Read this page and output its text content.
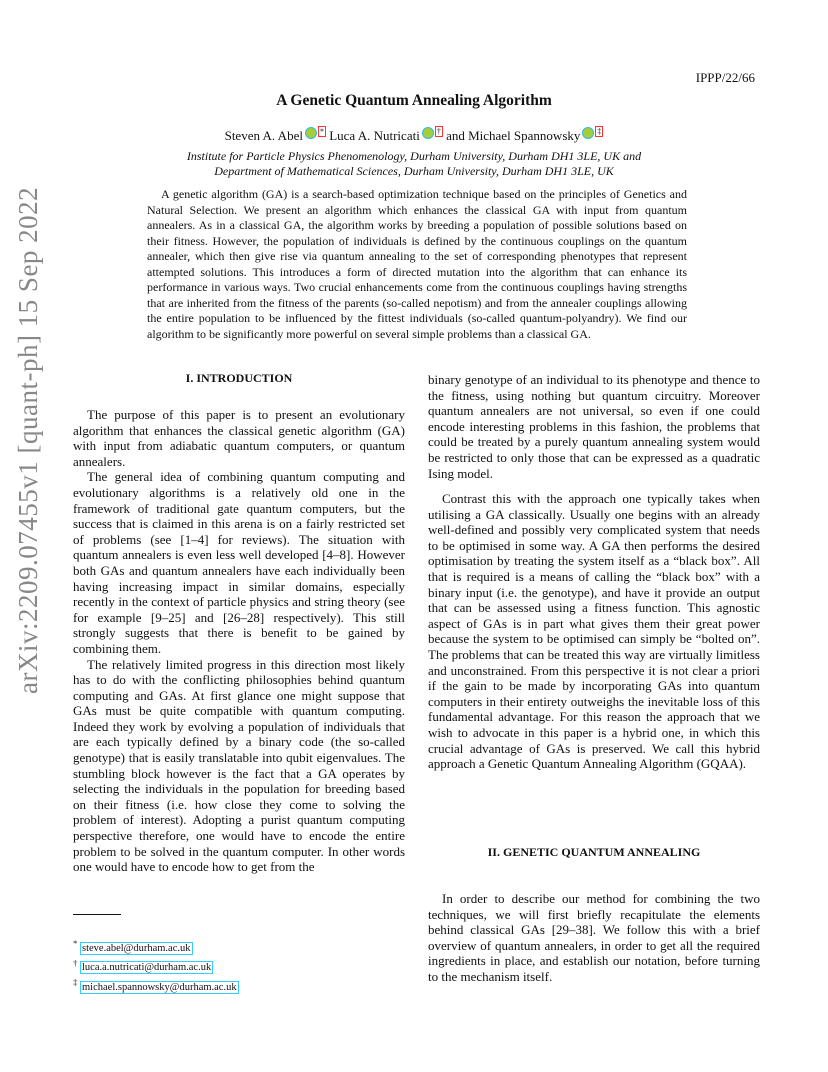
IPPP/22/66
A Genetic Quantum Annealing Algorithm
Steven A. Abel * Luca A. Nutricati † and Michael Spannowsky ‡
Institute for Particle Physics Phenomenology, Durham University, Durham DH1 3LE, UK and
Department of Mathematical Sciences, Durham University, Durham DH1 3LE, UK
A genetic algorithm (GA) is a search-based optimization technique based on the principles of Genetics and Natural Selection. We present an algorithm which enhances the classical GA with input from quantum annealers. As in a classical GA, the algorithm works by breeding a population of possible solutions based on their fitness. However, the population of individuals is defined by the continuous couplings on the quantum annealer, which then give rise via quantum annealing to the set of corresponding phenotypes that represent attempted solutions. This introduces a form of directed mutation into the algorithm that can enhance its performance in various ways. Two crucial enhancements come from the continuous couplings having strengths that are inherited from the fitness of the parents (so-called nepotism) and from the annealer couplings allowing the entire population to be influenced by the fittest individuals (so-called quantum-polyandry). We find our algorithm to be significantly more powerful on several simple problems than a classical GA.
I. INTRODUCTION

The purpose of this paper is to present an evolutionary algorithm that enhances the classical genetic algorithm (GA) with input from adiabatic quantum computers, or quantum annealers.

The general idea of combining quantum computing and evolutionary algorithms is a relatively old one in the framework of traditional gate quantum computers, but the success that is claimed in this arena is on a fairly restricted set of problems (see [1–4] for reviews). The situation with quantum annealers is even less well developed [4–8]. However both GAs and quantum annealers have each individually been having increasing impact in similar domains, especially recently in the context of particle physics and string theory (see for example [9–25] and [26–28] respectively). This still strongly suggests that there is benefit to be gained by combining them.

The relatively limited progress in this direction most likely has to do with the conflicting philosophies behind quantum computing and GAs. At first glance one might suppose that GAs must be quite compatible with quantum computing. Indeed they work by evolving a population of individuals that are each typically defined by a binary code (the so-called genotype) that is easily translatable into qubit eigenvalues. The stumbling block however is the fact that a GA operates by selecting the individuals in the population for breeding based on their fitness (i.e. how close they come to solving the problem of interest). Adopting a purist quantum computing perspective therefore, one would have to encode the entire problem to be solved in the quantum computer. In other words one would have to encode how to get from the

binary genotype of an individual to its phenotype and thence to the fitness, using nothing but quantum circuitry. Moreover quantum annealers are not universal, so even if one could encode interesting problems in this fashion, the problems that could be treated by a purely quantum annealing system would be restricted to only those that can be expressed as a quadratic Ising model.

Contrast this with the approach one typically takes when utilising a GA classically. Usually one begins with an already well-defined and possibly very complicated system that needs to be optimised in some way. A GA then performs the desired optimisation by treating the system itself as a “black box”. All that is required is a means of calling the “black box” with a binary input (i.e. the genotype), and have it provide an output that can be assessed using a fitness function. This agnostic aspect of GAs is in part what gives them their great power because the system to be optimised can simply be “bolted on”. The problems that can be treated this way are virtually limitless and unconstrained. From this perspective it is not clear a priori if the gain to be made by incorporating GAs into quantum computers in their entirety outweighs the inevitable loss of this fundamental advantage. For this reason the approach that we wish to advocate in this paper is a hybrid one, in which this crucial advantage of GAs is preserved. We call this hybrid approach a Genetic Quantum Annealing Algorithm (GQAA).

II. GENETIC QUANTUM ANNEALING

In order to describe our method for combining the two techniques, we will first briefly recapitulate the elements behind classical GAs [29–38]. We follow this with a brief overview of quantum annealers, in order to get all the required ingredients in place, and establish our notation, before turning to the mechanism itself.

* steve.abel@durham.ac.uk
† luca.a.nutricati@durham.ac.uk
‡ michael.spannowsky@durham.ac.uk
arXiv:2209.07455v1 [quant-ph] 15 Sep 2022
